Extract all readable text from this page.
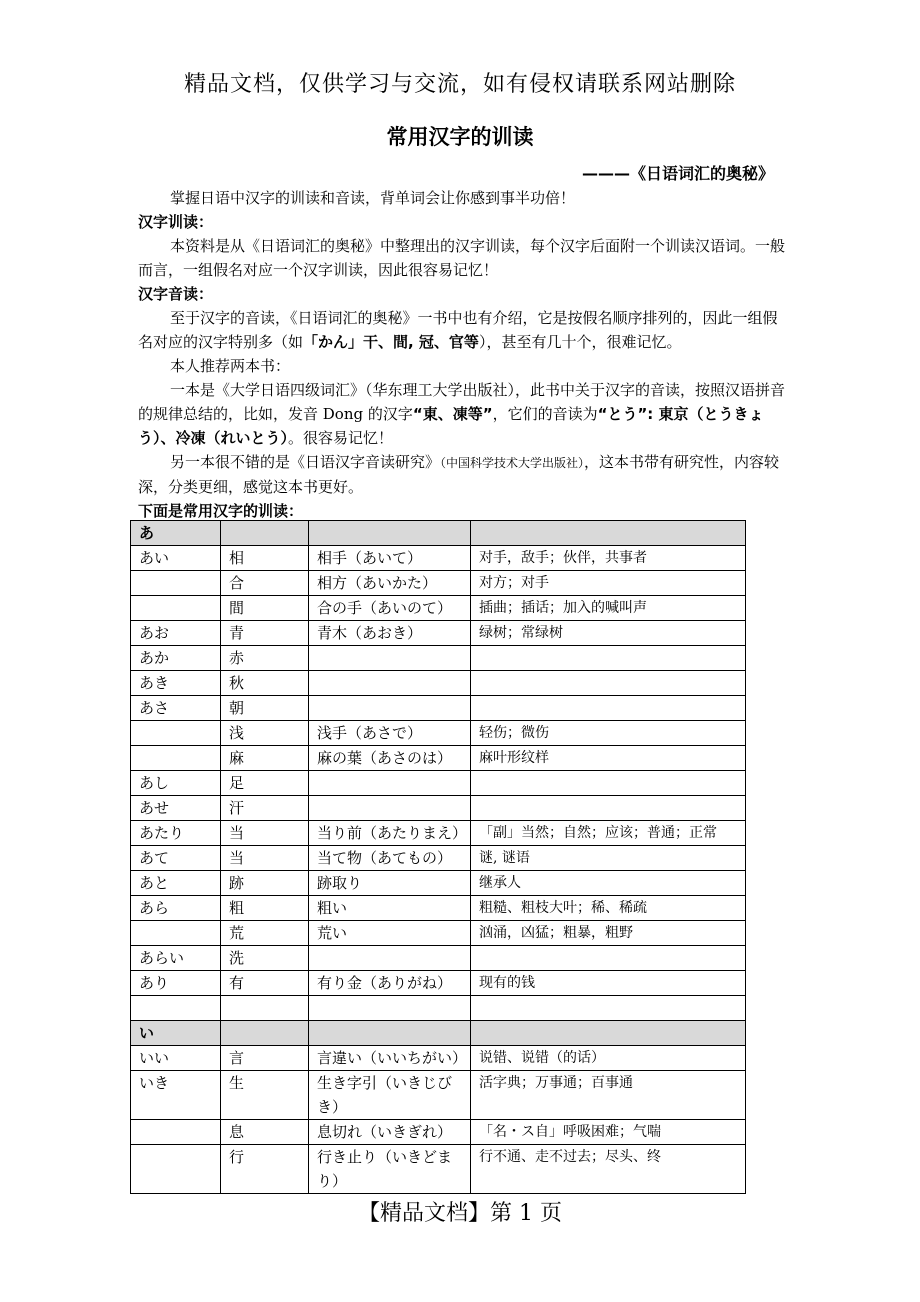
精品文档，仅供学习与交流，如有侵权请联系网站删除
常用汉字的训读
———《日语词汇的奥秘》

掌握日语中汉字的训读和音读，背单词会让你感到事半功倍！

汉字训读：

本资料是从《日语词汇的奥秘》中整理出的汉字训读，每个汉字后面附一个训读汉语词。一般而言，一组假名对应一个汉字训读，因此很容易记忆！

汉字音读：

至于汉字的音读，《日语词汇的奥秘》一书中也有介绍，它是按假名顺序排列的，因此一组假名对应的汉字特别多（如「かん」干、間, 冠、官等），甚至有几十个，很难记忆。

本人推荐两本书：

一本是《大学日语四级词汇》（华东理工大学出版社），此书中关于汉字的音读，按照汉语拼音的规律总结的，比如，发音 Dong 的汉字“東、凍等”，它们的音读为“とう”: 東京（とうきょう）、冷凍（れいとう）。很容易记忆！

另一本很不错的是《日语汉字音读研究》（中国科学技术大学出版社），这本书带有研究性，内容较深，分类更细，感觉这本书更好。

下面是常用汉字的训读：

あ			
あい	相	相手（あいて）	对手，敌手；伙伴，共事者
	合	相方（あいかた）	对方；对手
	間	合の手（あいのて）	插曲；插话；加入的喊叫声
あお	青	青木（あおき）	绿树；常绿树
あか	赤		
あき	秋		
あさ	朝		
	浅	浅手（あさで）	轻伤；微伤
	麻	麻の葉（あさのは）	麻叶形纹样
あし	足		
あせ	汗		
あたり	当	当り前（あたりまえ）	「副」当然；自然；应该；普通；正常
あて	当	当て物（あてもの）	谜, 谜语
あと	跡	跡取り	继承人
あら	粗	粗い	粗糙、粗枝大叶；稀、稀疏
	荒	荒い	汹涌，凶猛；粗暴，粗野
あらい	洗		
あり	有	有り金（ありがね）	现有的钱

い			
いい	言	言違い（いいちがい）	说错、说错（的话）
いき	生	生き字引（いきじびき）	活字典；万事通；百事通
	息	息切れ（いきぎれ）	「名・ス自」呼吸困难；气喘
	行	行き止り（いきどまり）	行不通、走不过去；尽头、终
【精品文档】第 1 页
